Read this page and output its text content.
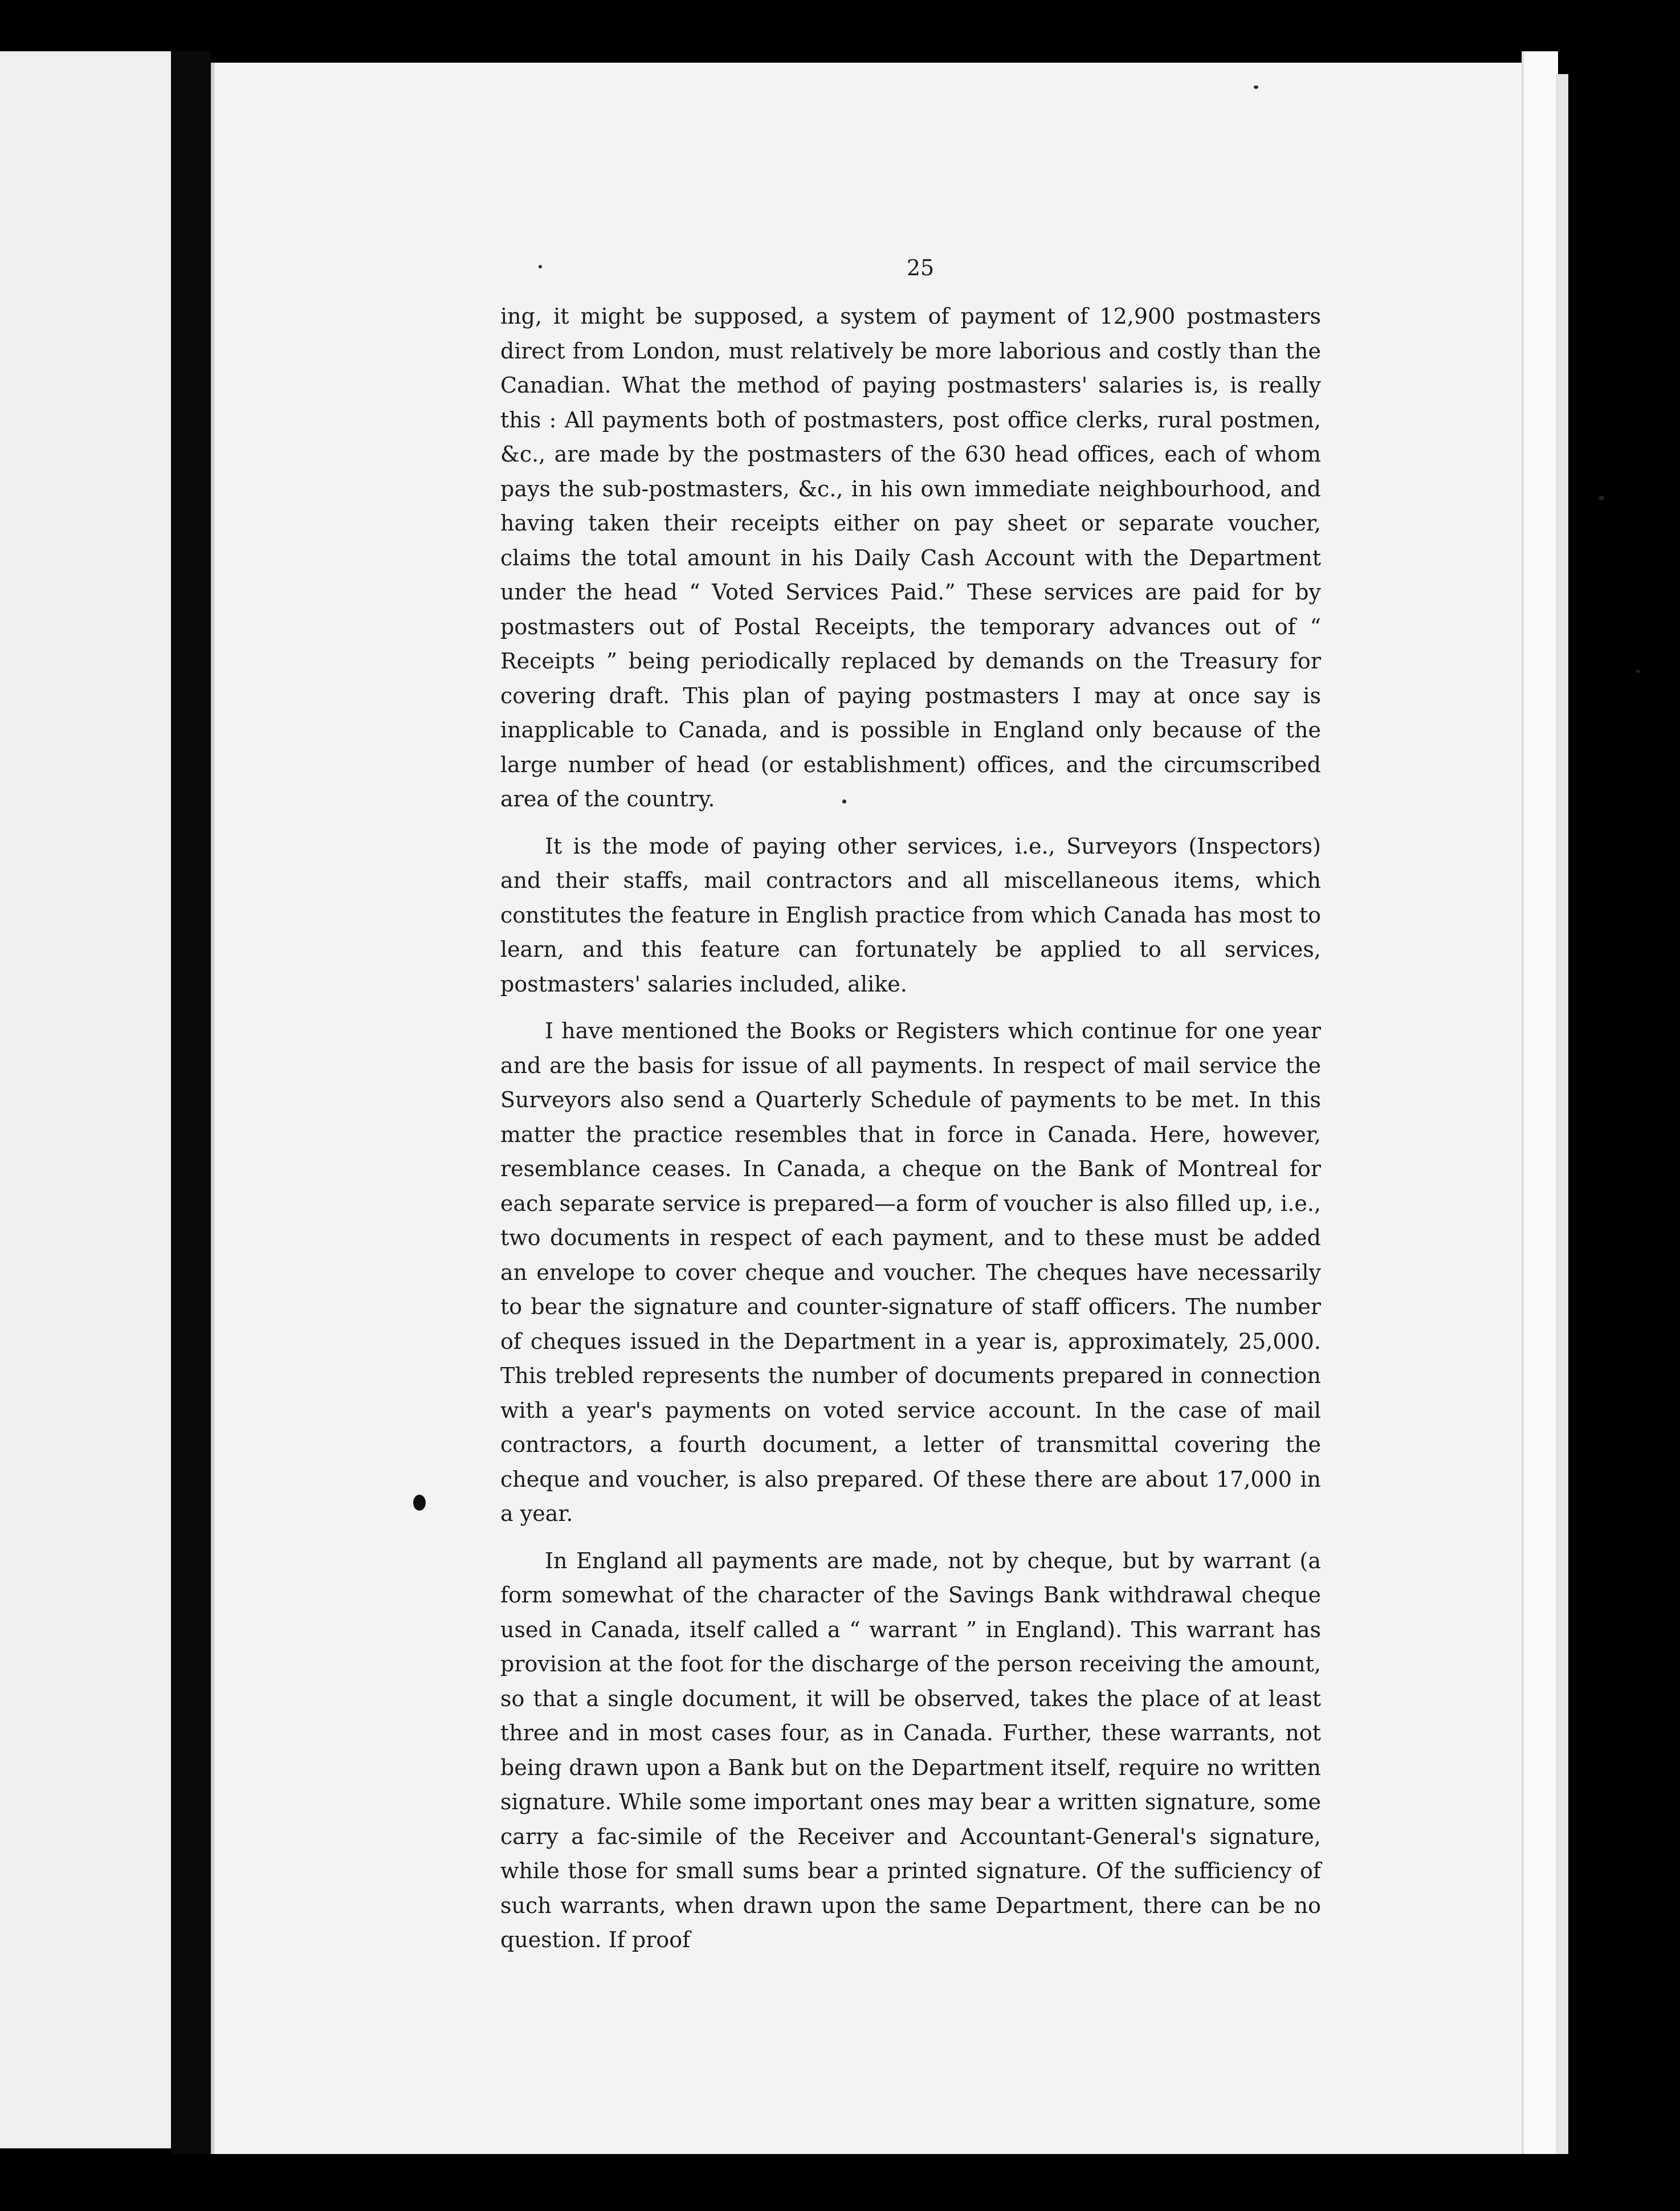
25

ing, it might be supposed, a system of payment of 12,900 postmasters direct from London, must relatively be more laborious and costly than the Canadian. What the method of paying postmasters' salaries is, is really this : All payments both of postmasters, post office clerks, rural postmen, &c., are made by the postmasters of the 630 head offices, each of whom pays the sub-postmasters, &c., in his own immediate neighbourhood, and having taken their receipts either on pay sheet or separate voucher, claims the total amount in his Daily Cash Account with the Department under the head “ Voted Services Paid.” These services are paid for by postmasters out of Postal Receipts, the temporary advances out of “ Receipts ” being periodically replaced by demands on the Treasury for covering draft. This plan of paying postmasters I may at once say is inapplicable to Canada, and is possible in England only because of the large number of head (or establishment) offices, and the circumscribed area of the country.

It is the mode of paying other services, i.e., Surveyors (Inspectors) and their staffs, mail contractors and all miscellaneous items, which constitutes the feature in English practice from which Canada has most to learn, and this feature can fortunately be applied to all services, postmasters' salaries included, alike.

I have mentioned the Books or Registers which continue for one year and are the basis for issue of all payments. In respect of mail service the Surveyors also send a Quarterly Schedule of payments to be met. In this matter the practice resembles that in force in Canada. Here, however, resemblance ceases. In Canada, a cheque on the Bank of Montreal for each separate service is prepared—a form of voucher is also filled up, i.e., two documents in respect of each payment, and to these must be added an envelope to cover cheque and voucher. The cheques have necessarily to bear the signature and counter-signature of staff officers. The number of cheques issued in the Department in a year is, approximately, 25,000. This trebled represents the number of documents prepared in connection with a year's payments on voted service account. In the case of mail contractors, a fourth document, a letter of transmittal covering the cheque and voucher, is also prepared. Of these there are about 17,000 in a year.

In England all payments are made, not by cheque, but by warrant (a form somewhat of the character of the Savings Bank withdrawal cheque used in Canada, itself called a “ warrant ” in England). This warrant has provision at the foot for the discharge of the person receiving the amount, so that a single document, it will be observed, takes the place of at least three and in most cases four, as in Canada. Further, these warrants, not being drawn upon a Bank but on the Department itself, require no written signature. While some important ones may bear a written signature, some carry a fac-simile of the Receiver and Accountant-General's signature, while those for small sums bear a printed signature. Of the sufficiency of such warrants, when drawn upon the same Department, there can be no question. If proof
